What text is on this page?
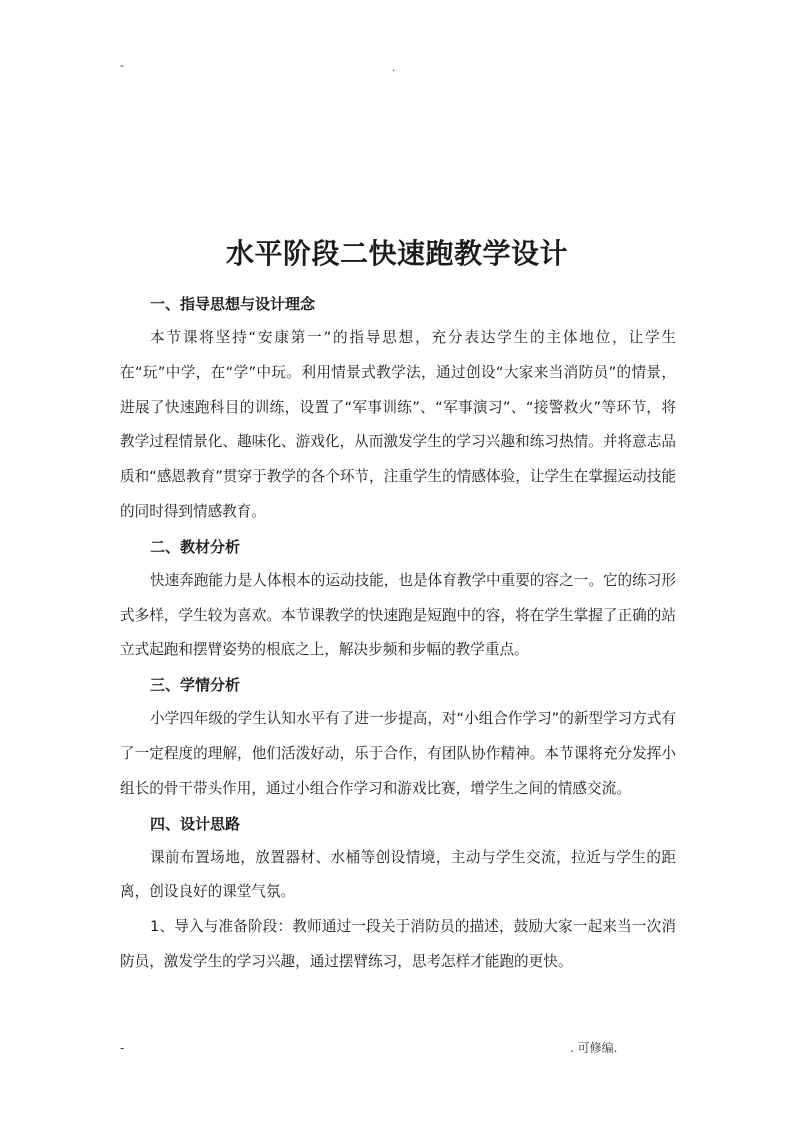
-	.
水平阶段二快速跑教学设计

一、指导思想与设计理念

本节课将坚持“安康第一”的指导思想，充分表达学生的主体地位，让学生在“玩”中学，在“学”中玩。利用情景式教学法，通过创设“大家来当消防员”的情景，进展了快速跑科目的训练，设置了“军事训练”、“军事演习”、“接警救火”等环节，将教学过程情景化、趣味化、游戏化，从而激发学生的学习兴趣和练习热情。并将意志品质和“感恩教育”贯穿于教学的各个环节，注重学生的情感体验，让学生在掌握运动技能的同时得到情感教育。

二、教材分析

快速奔跑能力是人体根本的运动技能，也是体育教学中重要的容之一。它的练习形式多样，学生较为喜欢。本节课教学的快速跑是短跑中的容，将在学生掌握了正确的站立式起跑和摆臂姿势的根底之上，解决步频和步幅的教学重点。

三、学情分析

小学四年级的学生认知水平有了进一步提高，对“小组合作学习”的新型学习方式有了一定程度的理解，他们活泼好动，乐于合作，有团队协作精神。本节课将充分发挥小组长的骨干带头作用，通过小组合作学习和游戏比赛，增学生之间的情感交流。

四、设计思路

课前布置场地，放置器材、水桶等创设情境，主动与学生交流，拉近与学生的距离，创设良好的课堂气氛。

1、导入与准备阶段：教师通过一段关于消防员的描述，鼓励大家一起来当一次消防员，激发学生的学习兴趣，通过摆臂练习，思考怎样才能跑的更快。

-	. 可修编.
